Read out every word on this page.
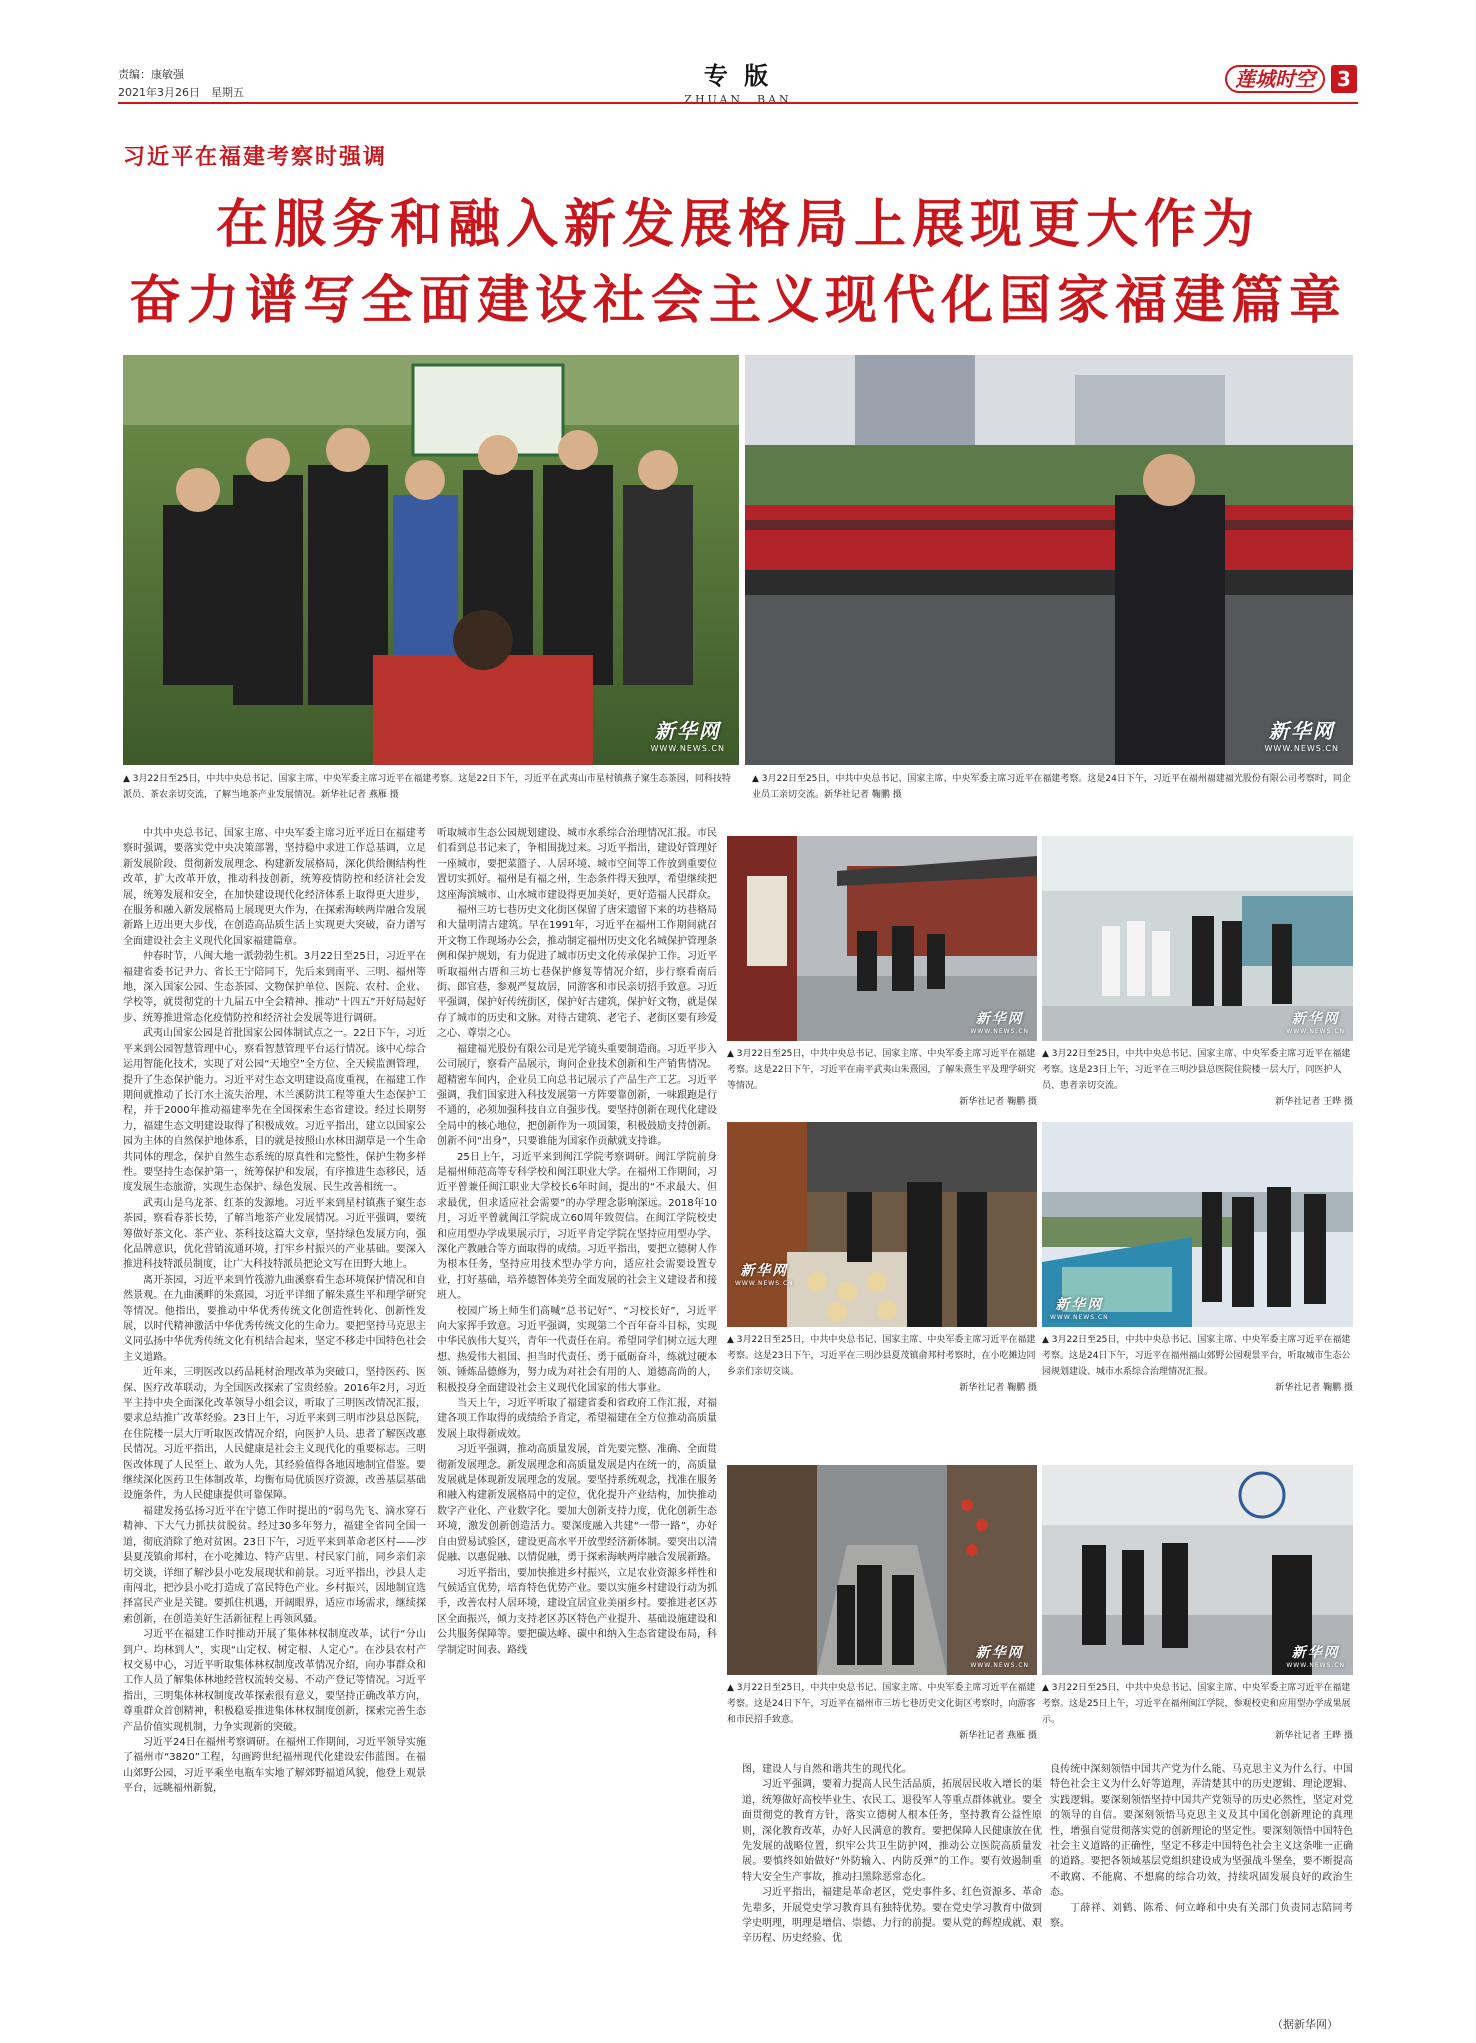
责编：康敏强
2021年3月26日　星期五
专 版
ZHUAN　BAN
莲城时空	3
习近平在福建考察时强调
在服务和融入新发展格局上展现更大作为
奋力谱写全面建设社会主义现代化国家福建篇章
新华网
WWW.NEWS.CN
▲ 3月22日至25日，中共中央总书记、国家主席、中央军委主席习近平在福建考察。这是22日下午，习近平在武夷山市星村镇燕子窠生态茶园，同科技特派员、茶农亲切交流，了解当地茶产业发展情况。新华社记者 燕雁 摄
新华网
WWW.NEWS.CN
▲ 3月22日至25日，中共中央总书记、国家主席、中央军委主席习近平在福建考察。这是24日下午，习近平在福州福建福光股份有限公司考察时，同企业员工亲切交流。新华社记者 鞠鹏 摄

中共中央总书记、国家主席、中央军委主席习近平近日在福建考察时强调，要落实党中央决策部署，坚持稳中求进工作总基调，立足新发展阶段、贯彻新发展理念、构建新发展格局，深化供给侧结构性改革，扩大改革开放，推动科技创新，统筹疫情防控和经济社会发展，统筹发展和安全，在加快建设现代化经济体系上取得更大进步，在服务和融入新发展格局上展现更大作为，在探索海峡两岸融合发展新路上迈出更大步伐，在创造高品质生活上实现更大突破，奋力谱写全面建设社会主义现代化国家福建篇章。

仲春时节，八闽大地一派勃勃生机。3月22日至25日，习近平在福建省委书记尹力、省长王宁陪同下，先后来到南平、三明、福州等地，深入国家公园、生态茶园、文物保护单位、医院、农村、企业、学校等，就贯彻党的十九届五中全会精神、推动“十四五”开好局起好步、统筹推进常态化疫情防控和经济社会发展等进行调研。

武夷山国家公园是首批国家公园体制试点之一。22日下午，习近平来到公园智慧管理中心，察看智慧管理平台运行情况。该中心综合运用智能化技术，实现了对公园“天地空”全方位、全天候监测管理，提升了生态保护能力。习近平对生态文明建设高度重视，在福建工作期间就推动了长汀水土流失治理、木兰溪防洪工程等重大生态保护工程，并于2000年推动福建率先在全国探索生态省建设。经过长期努力，福建生态文明建设取得了积极成效。习近平指出，建立以国家公园为主体的自然保护地体系，目的就是按照山水林田湖草是一个生命共同体的理念，保护自然生态系统的原真性和完整性，保护生物多样性。要坚持生态保护第一，统筹保护和发展，有序推进生态移民，适度发展生态旅游，实现生态保护、绿色发展、民生改善相统一。

武夷山是乌龙茶、红茶的发源地。习近平来到星村镇燕子窠生态茶园，察看春茶长势，了解当地茶产业发展情况。习近平强调，要统筹做好茶文化、茶产业、茶科技这篇大文章，坚持绿色发展方向，强化品牌意识，优化营销流通环境，打牢乡村振兴的产业基础。要深入推进科技特派员制度，让广大科技特派员把论文写在田野大地上。

离开茶园，习近平来到竹筏游九曲溪察看生态环境保护情况和自然景观。在九曲溪畔的朱熹园，习近平详细了解朱熹生平和理学研究等情况。他指出，要推动中华优秀传统文化创造性转化、创新性发展，以时代精神激活中华优秀传统文化的生命力。要把坚持马克思主义同弘扬中华优秀传统文化有机结合起来，坚定不移走中国特色社会主义道路。

近年来，三明医改以药品耗材治理改革为突破口，坚持医药、医保、医疗改革联动，为全国医改探索了宝贵经验。2016年2月，习近平主持中央全面深化改革领导小组会议，听取了三明医改情况汇报，要求总结推广改革经验。23日上午，习近平来到三明市沙县总医院，在住院楼一层大厅听取医改情况介绍，向医护人员、患者了解医改惠民情况。习近平指出，人民健康是社会主义现代化的重要标志。三明医改体现了人民至上、敢为人先，其经验值得各地因地制宜借鉴。要继续深化医药卫生体制改革，均衡布局优质医疗资源，改善基层基础设施条件，为人民健康提供可靠保障。

福建发扬弘扬习近平在宁德工作时提出的“弱鸟先飞、滴水穿石精神、下大气力抓扶贫脱贫。经过30多年努力，福建全省同全国一道，彻底消除了绝对贫困。23日下午，习近平来到革命老区村——沙县夏茂镇俞邦村，在小吃摊边、特产店里、村民家门前，同乡亲们亲切交谈，详细了解沙县小吃发展现状和前景。习近平指出，沙县人走南闯北，把沙县小吃打造成了富民特色产业。乡村振兴，因地制宜选择富民产业是关键。要抓住机遇，开阔眼界，适应市场需求，继续探索创新，在创造美好生活新征程上再领风骚。

习近平在福建工作时推动开展了集体林权制度改革，试行“分山到户、均林到人”，实现“山定权、树定根、人定心”。在沙县农村产权交易中心，习近平听取集体林权制度改革情况介绍，向办事群众和工作人员了解集体林地经营权流转交易、不动产登记等情况。习近平指出，三明集体林权制度改革探索很有意义，要坚持正确改革方向，尊重群众首创精神，积极稳妥推进集体林权制度创新，探索完善生态产品价值实现机制，力争实现新的突破。

习近平24日在福州考察调研。在福州工作期间，习近平领导实施了福州市“3820”工程，勾画跨世纪福州现代化建设宏伟蓝图。在福山郊野公园，习近平乘坐电瓶车实地了解郊野福道风貌，他登上观景平台，远眺福州新貌，

听取城市生态公园规划建设、城市水系综合治理情况汇报。市民们看到总书记来了，争相围拢过来。习近平指出，建设好管理好一座城市，要把菜篮子、人居环境、城市空间等工作放到重要位置切实抓好。福州是有福之州，生态条件得天独厚，希望继续把这座海滨城市、山水城市建设得更加美好，更好造福人民群众。

福州三坊七巷历史文化街区保留了唐宋遗留下来的坊巷格局和大量明清古建筑。早在1991年，习近平在福州工作期间就召开文物工作现场办公会，推动制定福州历史文化名城保护管理条例和保护规划，有力促进了城市历史文化传承保护工作。习近平听取福州古厝和三坊七巷保护修复等情况介绍，步行察看南后街、郎官巷，参观严复故居，同游客和市民亲切招手致意。习近平强调，保护好传统街区，保护好古建筑，保护好文物，就是保存了城市的历史和文脉。对待古建筑、老宅子、老街区要有珍爱之心、尊崇之心。

福建福光股份有限公司是光学镜头重要制造商。习近平步入公司展厅，察看产品展示，询问企业技术创新和生产销售情况。超精密车间内，企业员工向总书记展示了产品生产工艺。习近平强调，我们国家进入科技发展第一方阵要靠创新，一味跟跑是行不通的，必须加强科技自立自强步伐。要坚持创新在现代化建设全局中的核心地位，把创新作为一项国策，积极鼓励支持创新。创新不问“出身”，只要谁能为国家作贡献就支持谁。

25日上午，习近平来到闽江学院考察调研。闽江学院前身是福州师范高等专科学校和闽江职业大学。在福州工作期间，习近平曾兼任闽江职业大学校长6年时间，提出的“不求最大、但求最优，但求适应社会需要”的办学理念影响深远。2018年10月，习近平曾就闽江学院成立60周年致贺信。在闽江学院校史和应用型办学成果展示厅，习近平肯定学院在坚持应用型办学、深化产教融合等方面取得的成绩。习近平指出，要把立德树人作为根本任务，坚持应用技术型办学方向，适应社会需要设置专业，打好基础，培养德智体美劳全面发展的社会主义建设者和接班人。

校园广场上师生们高喊“总书记好”、“习校长好”，习近平向大家挥手致意。习近平强调，实现第二个百年奋斗目标，实现中华民族伟大复兴，青年一代责任在肩。希望同学们树立远大理想、热爱伟大祖国、担当时代责任、勇于砥砺奋斗，练就过硬本领、锤炼品德修为，努力成为对社会有用的人、道德高尚的人，积极投身全面建设社会主义现代化国家的伟大事业。

当天上午，习近平听取了福建省委和省政府工作汇报，对福建各项工作取得的成绩给予肯定，希望福建在全方位推动高质量发展上取得新成效。

习近平强调，推动高质量发展，首先要完整、准确、全面贯彻新发展理念。新发展理念和高质量发展是内在统一的，高质量发展就是体现新发展理念的发展。要坚持系统观念，找准在服务和融入构建新发展格局中的定位，优化提升产业结构，加快推动数字产业化、产业数字化。要加大创新支持力度，优化创新生态环境，激发创新创造活力。要深度融入共建“一带一路”，办好自由贸易试验区，建设更高水平开放型经济新体制。要突出以清促融、以惠促融、以情促融，勇于探索海峡两岸融合发展新路。

习近平指出，要加快推进乡村振兴，立足农业资源多样性和气候适宜优势，培育特色优势产业。要以实施乡村建设行动为抓手，改善农村人居环境，建设宜居宜业美丽乡村。要推进老区苏区全面振兴，倾力支持老区苏区特色产业提升、基础设施建设和公共服务保障等。要把碳达峰、碳中和纳入生态省建设布局，科学制定时间表、路线

图，建设人与自然和谐共生的现代化。

习近平强调，要着力提高人民生活品质，拓展居民收入增长的渠道，统筹做好高校毕业生、农民工、退役军人等重点群体就业。要全面贯彻党的教育方针，落实立德树人根本任务，坚持教育公益性原则，深化教育改革，办好人民满意的教育。要把保障人民健康放在优先发展的战略位置，织牢公共卫生防护网，推动公立医院高质量发展。要慎终如始做好“外防输入、内防反弹”的工作。要有效遏制重特大安全生产事故，推动扫黑除恶常态化。

习近平指出，福建是革命老区，党史事件多、红色资源多、革命先辈多，开展党史学习教育具有独特优势。要在党史学习教育中做到学史明理，明理是增信、崇德、力行的前提。要从党的辉煌成就、艰辛历程、历史经验、优

良传统中深刻领悟中国共产党为什么能、马克思主义为什么行、中国特色社会主义为什么好等道理，弄清楚其中的历史逻辑、理论逻辑、实践逻辑。要深刻领悟坚持中国共产党领导的历史必然性，坚定对党的领导的自信。要深刻领悟马克思主义及其中国化创新理论的真理性，增强自觉贯彻落实党的创新理论的坚定性。要深刻领悟中国特色社会主义道路的正确性，坚定不移走中国特色社会主义这条唯一正确的道路。要把各领域基层党组织建设成为坚强战斗堡垒，要不断提高不敢腐、不能腐、不想腐的综合功效，持续巩固发展良好的政治生态。

丁薛祥、刘鹤、陈希、何立峰和中央有关部门负责同志陪同考察。

（据新华网）
新华网
WWW.NEWS.CN
▲ 3月22日至25日，中共中央总书记、国家主席、中央军委主席习近平在福建考察。这是22日下午，习近平在南平武夷山朱熹园，了解朱熹生平及理学研究等情况。
新华社记者 鞠鹏 摄
新华网
WWW.NEWS.CN
▲ 3月22日至25日，中共中央总书记、国家主席、中央军委主席习近平在福建考察。这是23日上午，习近平在三明沙县总医院住院楼一层大厅，同医护人员、患者亲切交流。
新华社记者 王晔 摄
新华网
WWW.NEWS.CN
▲ 3月22日至25日，中共中央总书记、国家主席、中央军委主席习近平在福建考察。这是23日下午，习近平在三明沙县夏茂镇俞邦村考察时，在小吃摊边同乡亲们亲切交谈。
新华社记者 鞠鹏 摄
新华网
WWW.NEWS.CN
▲ 3月22日至25日，中共中央总书记、国家主席、中央军委主席习近平在福建考察。这是24日下午，习近平在福州福山郊野公园观景平台，听取城市生态公园规划建设、城市水系综合治理情况汇报。
新华社记者 鞠鹏 摄
新华网
WWW.NEWS.CN
▲ 3月22日至25日，中共中央总书记、国家主席、中央军委主席习近平在福建考察。这是24日下午，习近平在福州市三坊七巷历史文化街区考察时，向游客和市民招手致意。
新华社记者 燕雁 摄
新华网
WWW.NEWS.CN
▲ 3月22日至25日，中共中央总书记、国家主席、中央军委主席习近平在福建考察。这是25日上午，习近平在福州闽江学院，参观校史和应用型办学成果展示。
新华社记者 王晔 摄
